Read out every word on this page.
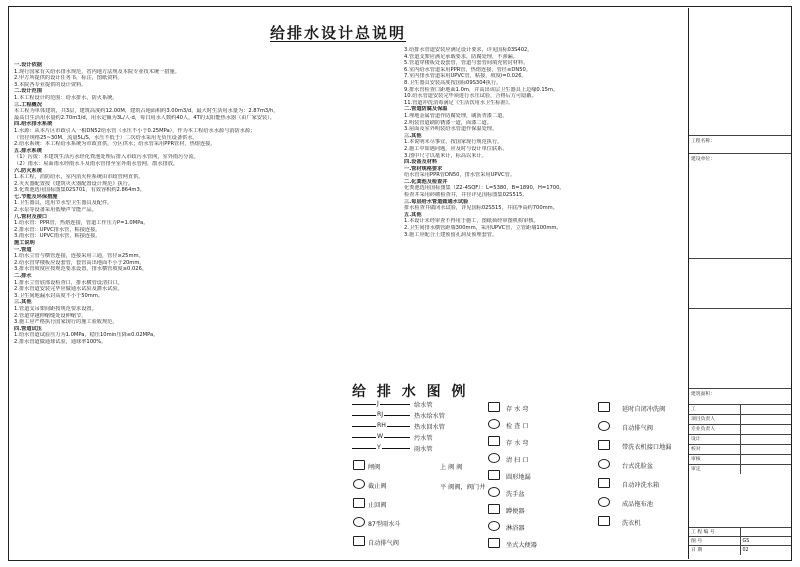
给排水设计总说明
一.设计依据
1.现行国家有关给水排水规范，省内地方法规及本院专业技术统一措施。
2.甲方所提供的设计任务书，标注，图纸资料。
3.本院各专业提供的设计资料。
二.设计范围
1.本工程设计的范围：给水排水，防火系统。
三.工程概况
本工程为单体建筑，共3层，建筑高度约12.00M，建筑占地面积约3.00m3/d，最大时生活用水量为：2.87m3/h，
最高日生活用水量约2.70m3/d，用水定额为3L/人·d，每日用水人数约40人，4T的太阳能热水器（由厂家安装）。
四.给水排水系统
1.水源：从本片区市政引入一根DN52给水管（水压不小于0.25MPa），作为本工程给水水源与消防水源；
（管径规格25~30M，流量5L/S，水压不低于）二次给水采用无负压设备供水。
2.给水系统：本工程给水系统为市政直供，分区供水；给水管采用PPR管材，热熔连接。
五.排水系统
（1）污废：本建筑生活污水经化粪池处理后排入市政污水管网，室外雨污分流。
（2）雨水：屋面雨水经雨水斗及雨水管排至室外雨水管网，散水排放。
六.防火系统
1.本工程，消防给水，室内消火栓系统由市政管网直供。
2.灭火器配置按《建筑灭火器配置设计规范》执行。
3.化粪池选用国标图集02S701，有效容积约2.864m3。
七.节能及环保措施
1.卫生器具，选用节水型卫生器具及配件。
2.水泵等设备采用低噪声节能产品。
八.管材及接口
1.给水管：PPR管，热熔连接，管道工作压力P=1.0MPa。
2.排水管：UPVC排水管，粘接连接。
3.雨水管：UPVC雨水管，粘接连接。
施工说明
一.管道
1.给水立管与横管连接，连接采用三通，管径≥25mm。
2.给水管穿楼板应设套管，套管高出地面不小于20mm。
3.排水管坡度应按规范要求设置，排水横管坡度≥0.026。
二.排水
1.排水立管底部设检查口，排水横管设清扫口。
2.排水管道安装完毕应做通水试验及灌水试验。
3.卫生间地漏水封高度不小于50mm。
三.其他
1.管道支吊架间距按规范要求设置。
2.管道穿越伸缩缝处设伸缩节。
3.施工应严格执行国家现行的施工验收规范。
四.管道试压
1.给水管道试验压力为1.0MPa，稳压10min压降≤0.02MPa。
2.排水管道做通球试验，通球率100%。
3.给排水管道安装应满足设计要求，详见国标03S402。
4.管道支架应满足承载要求，防腐处理，不渗漏。
5.管道穿楼板处设套管，管道与套管间填充密封材料。
6.室内给水管道采用PPR管，热熔连接，管径≤DN50。
7.室内排水管道采用UPVC管，粘接，坡度i=0.026。
8.卫生器具安装高度按国标09S304执行。
9.排水管检查口距地面1.0m，并高出该层卫生器具上边缘0.15m。
10.给水管道安装完毕须进行水压试验，合格后方可隐蔽。
11.管道冲洗消毒满足《生活饮用水卫生标准》。
二.管道防腐及保温
1.埋地金属管道作防腐处理，刷沥青漆二道。
2.明装管道刷防锈漆一道，面漆二道。
3.屋面及室外明装给水管道作保温处理。
三.其他
1.本说明未尽事宜，按国家现行规范执行。
2.施工中如遇问题，应及时与设计单位联系。
3.图中尺寸以毫米计，标高以米计。
四.设备及材料
一.管材规格要求
给水管采用PPR管DN50，排水管采用UPVC管。
二.化粪池及检查井
化粪池选用国标图集（Z2-4SQF）：L=5380，B=1890，H=1700。
检查井采用砖砌检查井，井径详见国标图集02S515。
三.每层给水管道做通水试验
排水检查井做闭水试验，详见国标02S515，井底净高约700mm。
五.其他
1.本设计未经审查不得用于施工，图纸须经审图机构审核。
2.卫生间排水横管距墙300mm，采用UPVC管，立管距墙100mm。
3.施工应配合土建预留孔洞及预埋套管。
给 排 水 图 例
J	给水管
RJ	热水给水管
RH	热水回水管
W	污水管
Y	雨水管
闸阀
截止阀
止回阀
87型雨水斗
自动排气阀
存 水 弯
检 查 口
存 水 弯
清 扫 口
圆形地漏
洗手盆
蹲便器
淋浴器
坐式大便器
延时自闭冲洗阀
自动排气阀
带洗衣机接口地漏
台式洗脸盆
自动冲洗水箱
成品拖布池
洗衣机
上 阀 阀
平 阀阀，阀门井
工程名称：
建设单位：
建筑面积：
工
项目负责人
专业负责人
设计
校对
审核
审定
工 程 编 号
图 号	GS
日 期	02
